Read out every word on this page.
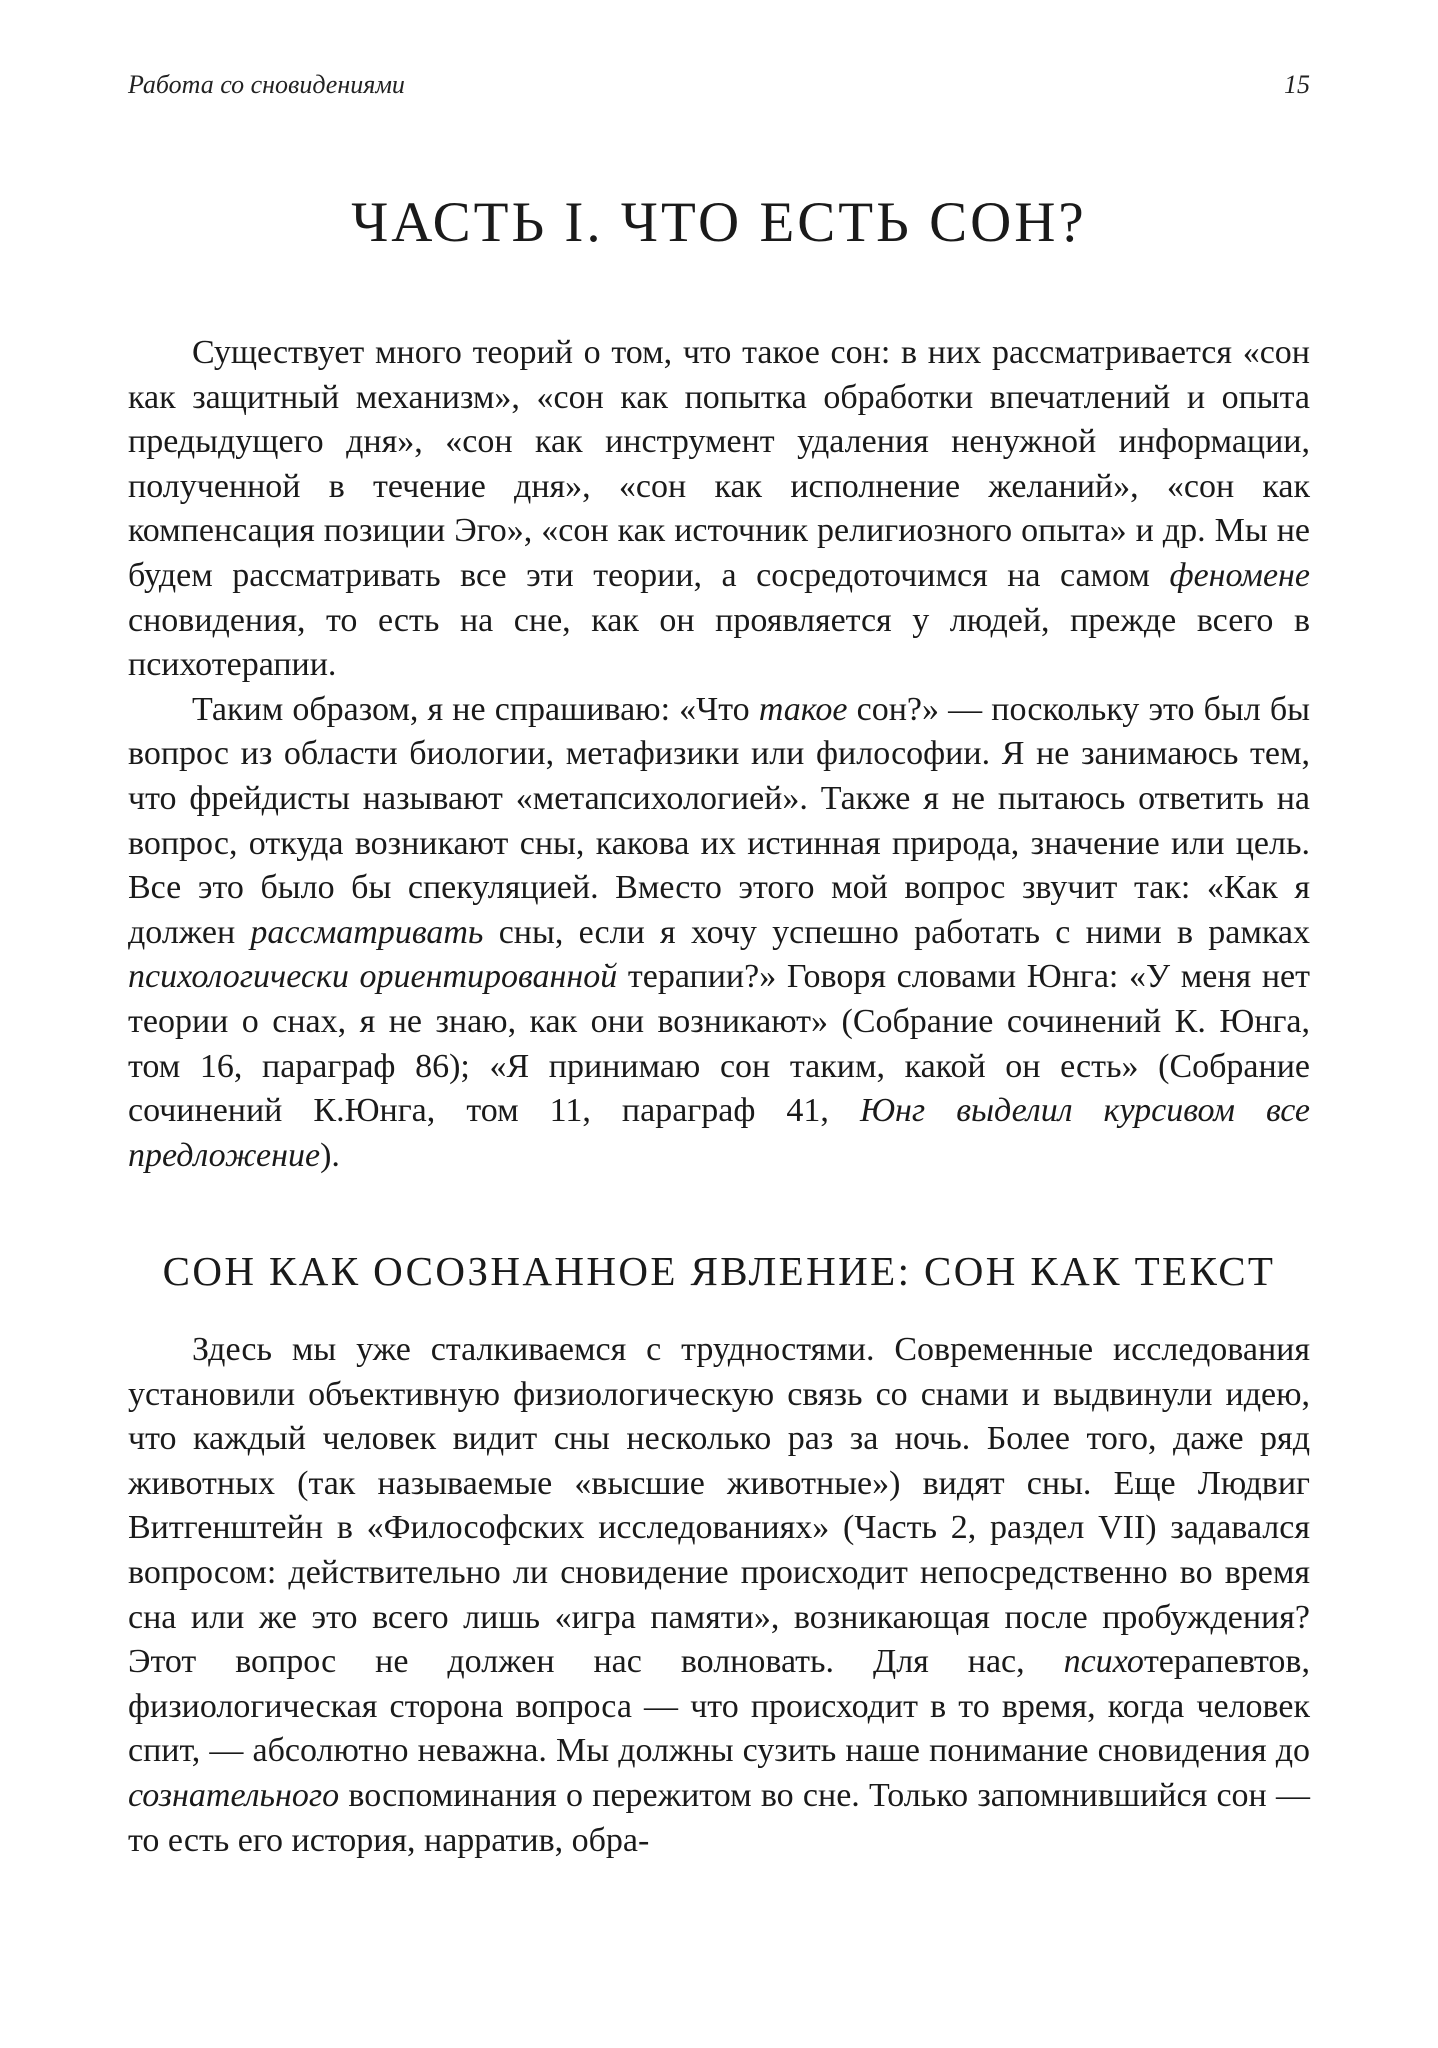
Работа со сновидениями	15
ЧАСТЬ I. ЧТО ЕСТЬ СОН?

Существует много теорий о том, что такое сон: в них рассматривается «сон как защитный механизм», «сон как попытка обработки впечатлений и опыта предыдущего дня», «сон как инструмент удаления ненужной информации, полученной в течение дня», «сон как исполнение желаний», «сон как компенсация позиции Эго», «сон как источник религиозного опыта» и др. Мы не будем рассматривать все эти теории, а сосредоточимся на самом феномене сновидения, то есть на сне, как он проявляется у людей, прежде всего в психотерапии.

Таким образом, я не спрашиваю: «Что такое сон?» — поскольку это был бы вопрос из области биологии, метафизики или философии. Я не занимаюсь тем, что фрейдисты называют «метапсихологией». Также я не пытаюсь ответить на вопрос, откуда возникают сны, какова их истинная природа, значение или цель. Все это было бы спекуляцией. Вместо этого мой вопрос звучит так: «Как я должен рассматривать сны, если я хочу успешно работать с ними в рамках психологически ориентированной терапии?» Говоря словами Юнга: «У меня нет теории о снах, я не знаю, как они возникают» (Собрание сочинений К. Юнга, том 16, параграф 86); «Я принимаю сон таким, какой он есть» (Собрание сочинений К.Юнга, том 11, параграф 41, Юнг выделил курсивом все предложение).

СОН КАК ОСОЗНАННОЕ ЯВЛЕНИЕ: СОН КАК ТЕКСТ

Здесь мы уже сталкиваемся с трудностями. Современные исследования установили объективную физиологическую связь со снами и выдвинули идею, что каждый человек видит сны несколько раз за ночь. Более того, даже ряд животных (так называемые «высшие животные») видят сны. Еще Людвиг Витгенштейн в «Философских исследованиях» (Часть 2, раздел VII) задавался вопросом: действительно ли сновидение происходит непосредственно во время сна или же это всего лишь «игра памяти», возникающая после пробуждения? Этот вопрос не должен нас волновать. Для нас, психотерапевтов, физиологическая сторона вопроса — что происходит в то время, когда человек спит, — абсолютно неважна. Мы должны сузить наше понимание сновидения до сознательного воспоминания о пережитом во сне. Только запомнившийся сон — то есть его история, нарратив, обра-
